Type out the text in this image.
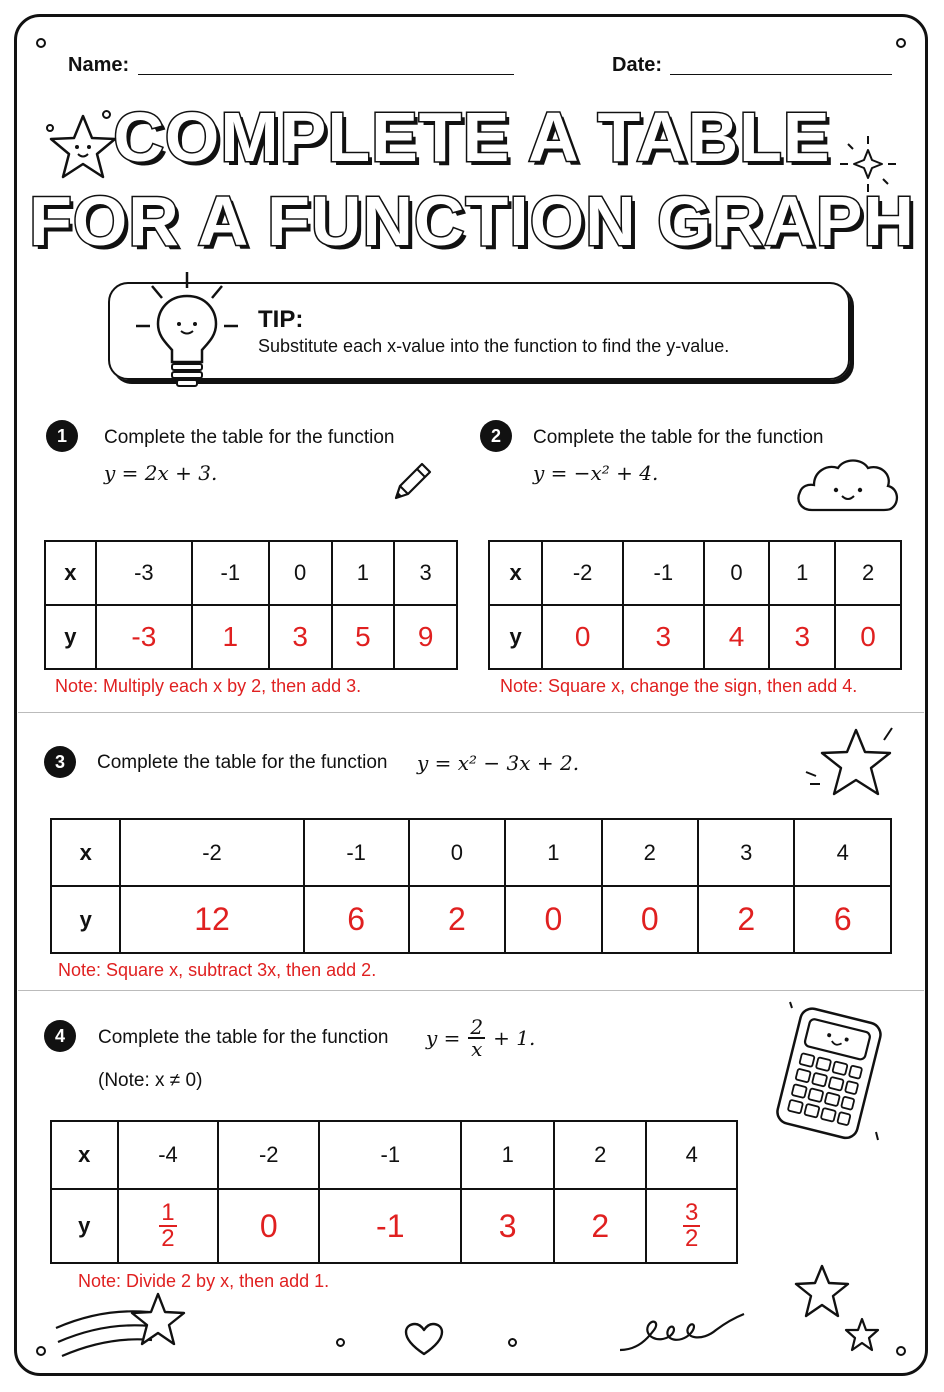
Name:	Date:
COMPLETE A TABLE
FOR A FUNCTION GRAPH
TIP:
Substitute each x-value into the function to find the y-value.
1	Complete the table for the function
y = 2x + 3.
x	-3	-1	0	1	3
y	-3	1	3	5	9
Note: Multiply each x by 2, then add 3.
2	Complete the table for the function
y = −x² + 4.
x	-2	-1	0	1	2
y	0	3	4	3	0
Note: Square x, change the sign, then add 4.
3	Complete the table for the function y = x² − 3x + 2.
x	-2	-1	0	1	2	3	4
y	12	6	2	0	0	2	6
Note: Square x, subtract 3x, then add 2.
4	Complete the table for the function $y = \frac{2}{x} + 1$.
(Note: x ≠ 0)
x	-4	-2	-1	1	2	4
y	$\frac{1}{2}$	0	-1	3	2	$\frac{3}{2}$
Note: Divide 2 by x, then add 1.
